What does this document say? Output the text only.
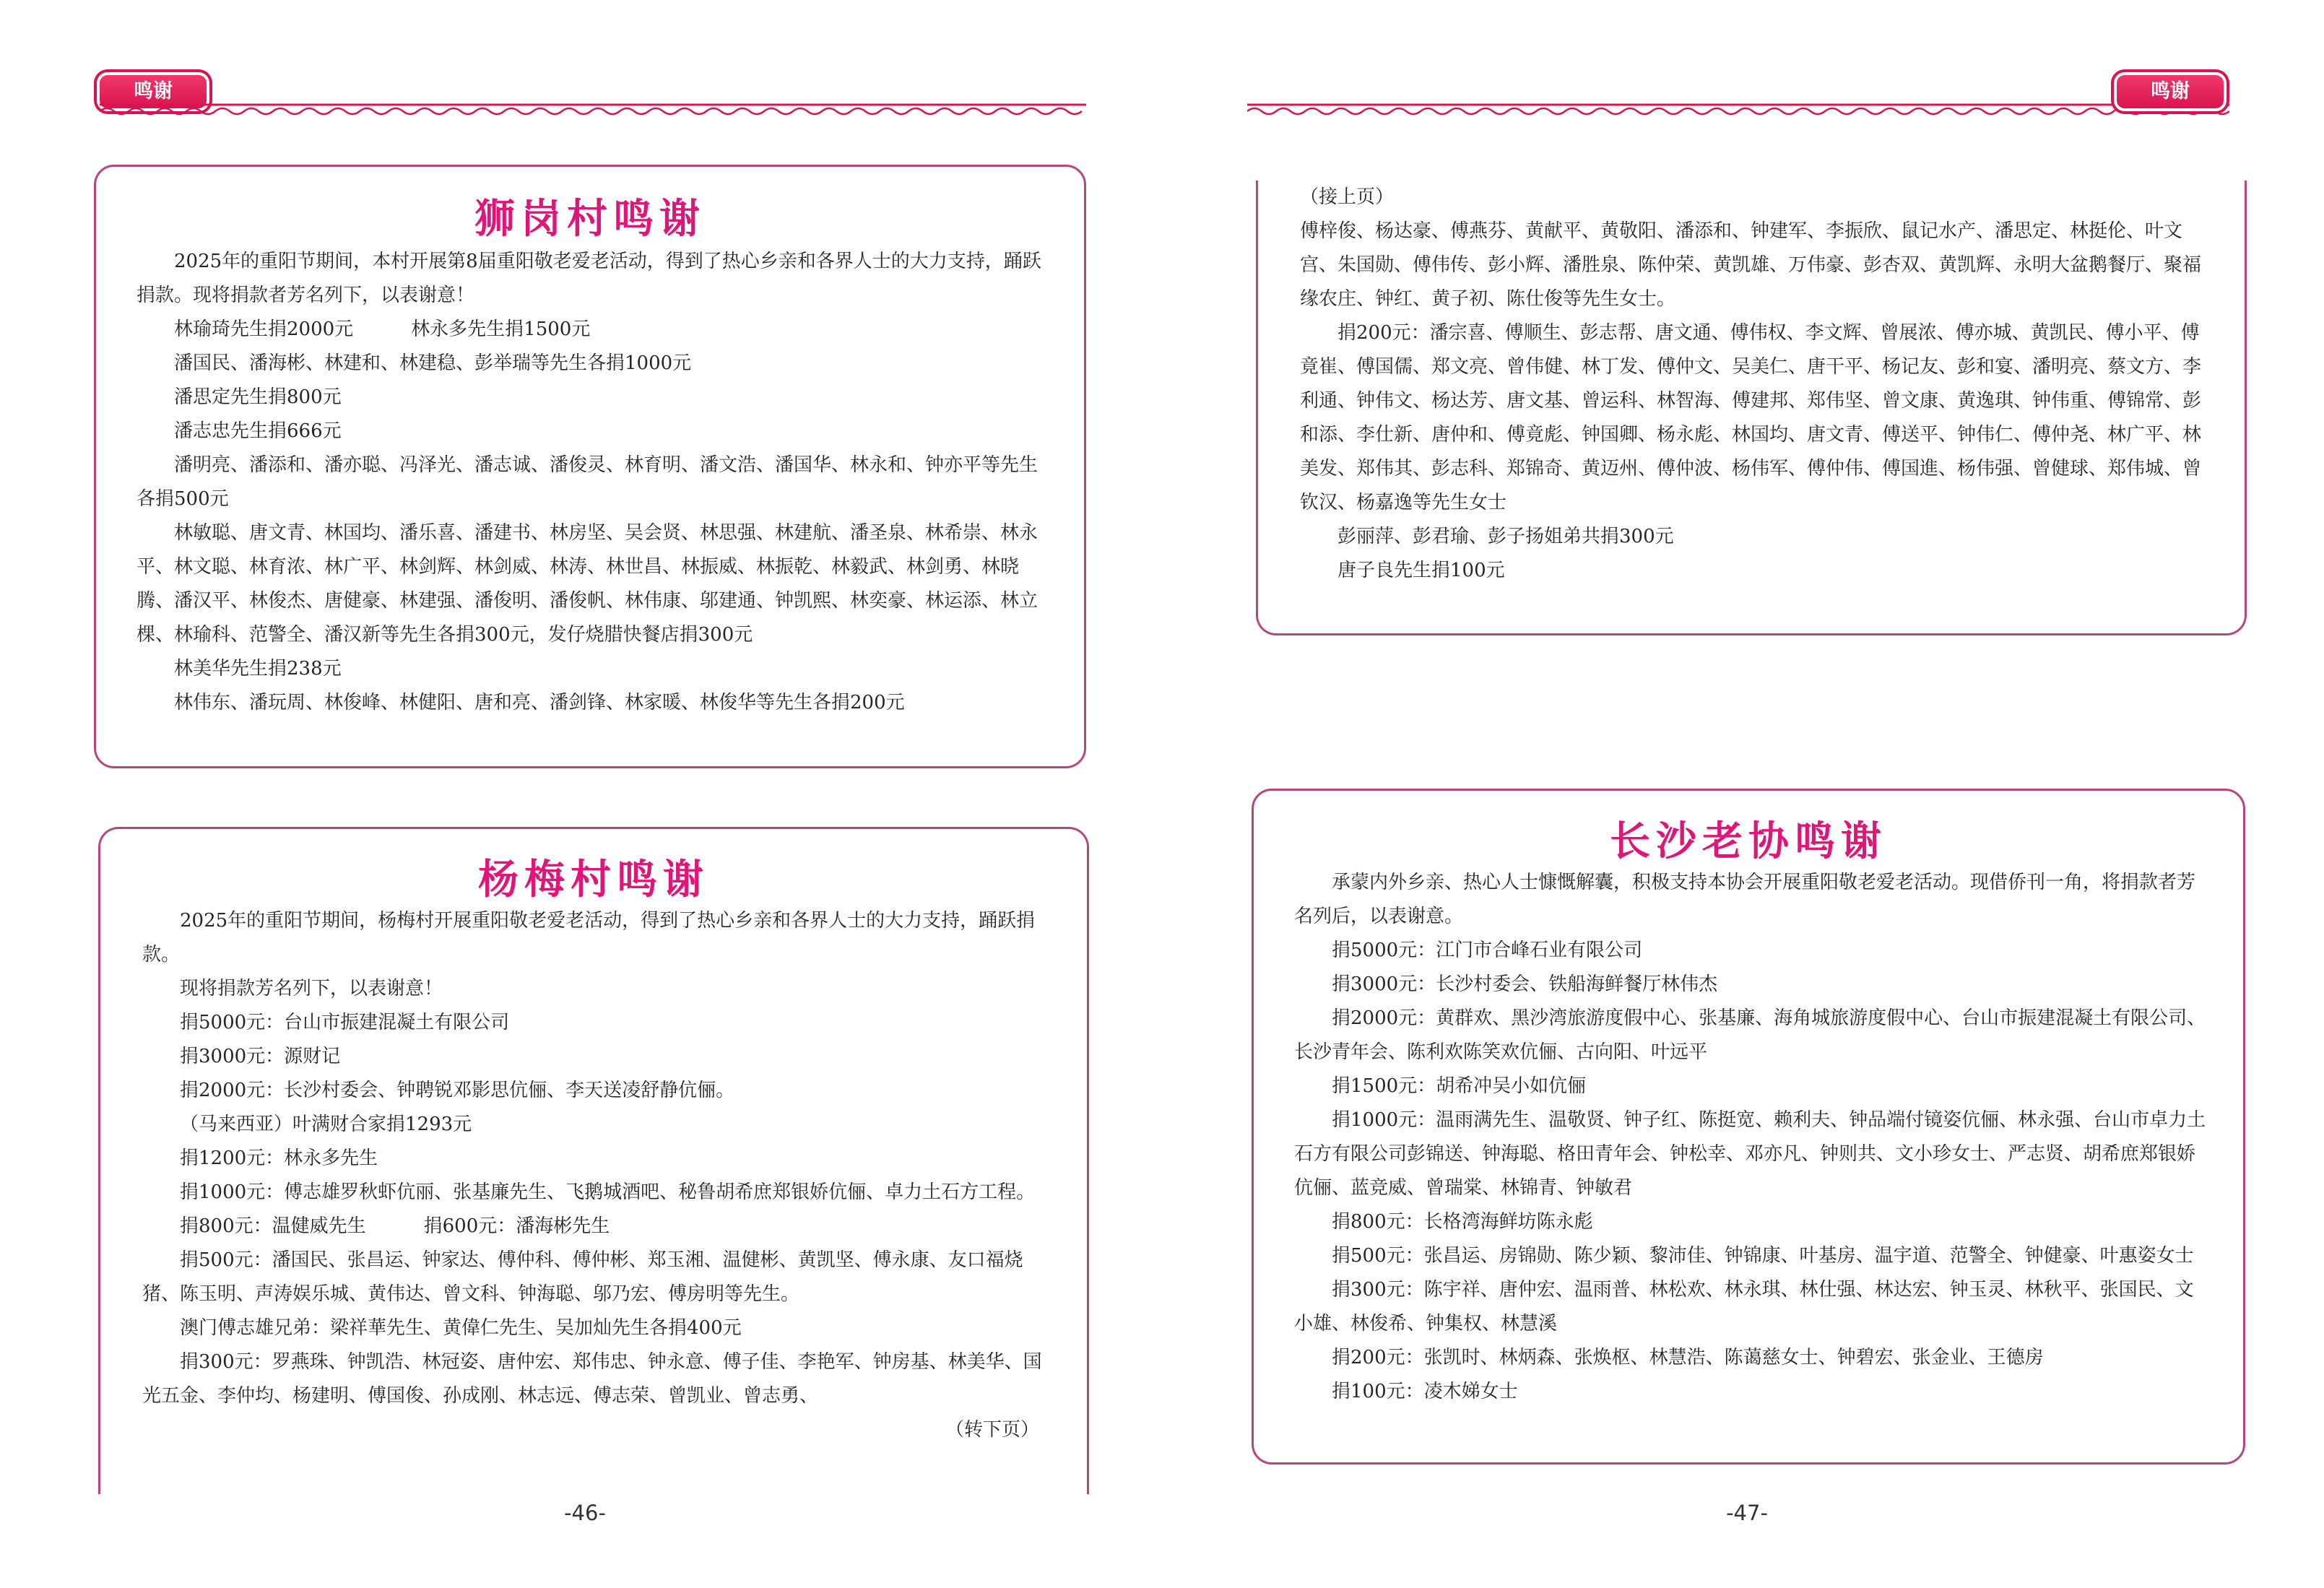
鸣谢
狮岗村鸣谢

2025年的重阳节期间，本村开展第8届重阳敬老爱老活动，得到了热心乡亲和各界人士的大力支持，踊跃捐款。现将捐款者芳名列下，以表谢意！

林瑜琦先生捐2000元	林永多先生捐1500元

潘国民、潘海彬、林建和、林建稳、彭举瑞等先生各捐1000元

潘思定先生捐800元

潘志忠先生捐666元

潘明亮、潘添和、潘亦聪、冯泽光、潘志诚、潘俊灵、林育明、潘文浩、潘国华、林永和、钟亦平等先生各捐500元

林敏聪、唐文青、林国均、潘乐喜、潘建书、林房坚、吴会贤、林思强、林建航、潘圣泉、林希崇、林永平、林文聪、林育浓、林广平、林剑辉、林剑威、林涛、林世昌、林振威、林振乾、林毅武、林剑勇、林晓腾、潘汉平、林俊杰、唐健豪、林建强、潘俊明、潘俊帆、林伟康、邬建通、钟凯熙、林奕豪、林运添、林立棵、林瑜科、范警全、潘汉新等先生各捐300元，发仔烧腊快餐店捐300元

林美华先生捐238元

林伟东、潘玩周、林俊峰、林健阳、唐和亮、潘剑锋、林家暖、林俊华等先生各捐200元

杨梅村鸣谢

2025年的重阳节期间，杨梅村开展重阳敬老爱老活动，得到了热心乡亲和各界人士的大力支持，踊跃捐款。

现将捐款芳名列下，以表谢意！

捐5000元：台山市振建混凝土有限公司

捐3000元：源财记

捐2000元：长沙村委会、钟聘锐邓影思伉俪、李天送凌舒静伉俪。

（马来西亚）叶满财合家捐1293元

捐1200元：林永多先生

捐1000元：傅志雄罗秋虾伉丽、张基廉先生、飞鹅城酒吧、秘鲁胡希庶郑银娇伉俪、卓力土石方工程。

捐800元：温健威先生	捐600元：潘海彬先生

捐500元：潘国民、张昌运、钟家达、傅仲科、傅仲彬、郑玉湘、温健彬、黄凯坚、傅永康、友口福烧猪、陈玉明、声涛娱乐城、黄伟达、曾文科、钟海聪、邬乃宏、傅房明等先生。

澳门傅志雄兄弟：梁祥華先生、黄偉仁先生、吴加灿先生各捐400元

捐300元：罗燕珠、钟凯浩、林冠姿、唐仲宏、郑伟忠、钟永意、傅子佳、李艳军、钟房基、林美华、国光五金、李仲均、杨建明、傅国俊、孙成刚、林志远、傅志荣、曾凯业、曾志勇、

（转下页）

-46-
鸣谢

（接上页）

傅梓俊、杨达豪、傅燕芬、黄献平、黄敬阳、潘添和、钟建军、李振欣、鼠记水产、潘思定、林挺伦、叶文宫、朱国勋、傅伟传、彭小辉、潘胜泉、陈仲荣、黄凯雄、万伟豪、彭杏双、黄凯辉、永明大盆鹅餐厅、聚福缘农庄、钟红、黄子初、陈仕俊等先生女士。

捐200元：潘宗喜、傅顺生、彭志帮、唐文通、傅伟权、李文辉、曾展浓、傅亦城、黄凯民、傅小平、傅竟崔、傅国儒、郑文亮、曾伟健、林丁发、傅仲文、吴美仁、唐干平、杨记友、彭和宴、潘明亮、蔡文方、李利通、钟伟文、杨达芳、唐文基、曾运科、林智海、傅建邦、郑伟坚、曾文康、黄逸琪、钟伟重、傅锦常、彭和添、李仕新、唐仲和、傅竟彪、钟国卿、杨永彪、林国均、唐文青、傅送平、钟伟仁、傅仲尧、林广平、林美发、郑伟其、彭志科、郑锦奇、黄迈州、傅仲波、杨伟军、傅仲伟、傅国進、杨伟强、曾健球、郑伟城、曾钦汉、杨嘉逸等先生女士

彭丽萍、彭君瑜、彭子扬姐弟共捐300元

唐子良先生捐100元

长沙老协鸣谢

承蒙内外乡亲、热心人士慷慨解囊，积极支持本协会开展重阳敬老爱老活动。现借侨刊一角，将捐款者芳名列后，以表谢意。

捐5000元：江门市合峰石业有限公司

捐3000元：长沙村委会、铁船海鲜餐厅林伟杰

捐2000元：黄群欢、黑沙湾旅游度假中心、张基廉、海角城旅游度假中心、台山市振建混凝土有限公司、长沙青年会、陈利欢陈笑欢伉俪、古向阳、叶远平

捐1500元：胡希冲吴小如伉俪

捐1000元：温雨满先生、温敬贤、钟子红、陈挺宽、赖利夫、钟品端付镜姿伉俪、林永强、台山市卓力土石方有限公司彭锦送、钟海聪、格田青年会、钟松幸、邓亦凡、钟则共、文小珍女士、严志贤、胡希庶郑银娇伉俪、蓝竞威、曾瑞棠、林锦青、钟敏君

捐800元：长格湾海鲜坊陈永彪

捐500元：张昌运、房锦勋、陈少颖、黎沛佳、钟锦康、叶基房、温宇道、范警全、钟健豪、叶惠姿女士

捐300元：陈宇祥、唐仲宏、温雨普、林松欢、林永琪、林仕强、林达宏、钟玉灵、林秋平、张国民、文小雄、林俊希、钟集权、林慧溪

捐200元：张凯时、林炳森、张焕枢、林慧浩、陈蔼慈女士、钟碧宏、张金业、王德房

捐100元：凌木娣女士

-47-
